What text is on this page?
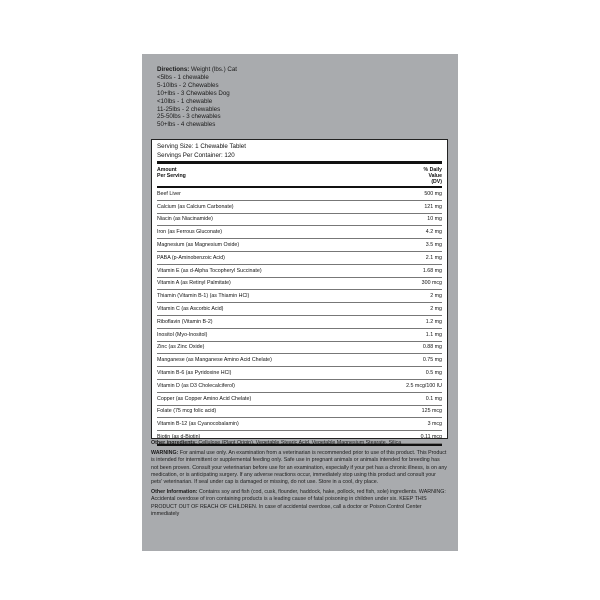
Directions: Weight (lbs.) Cat
<5lbs - 1 chewable
5-10lbs - 2 Chewables
10+lbs - 3 Chewables Dog
<10lbs - 1 chewable
11-25lbs - 2 chewables
25-50lbs - 3 chewables
50+lbs - 4 chewables
Serving Size: 1 Chewable Tablet
Servings Per Container: 120
Amount
Per Serving
% Daily
Value
(DV)
Beef Liver	500 mg
Calcium (as Calcium Carbonate)	121 mg
Niacin (as Niacinamide)	10 mg
Iron (as Ferrous Gluconate)	4.2 mg
Magnesium (as Magnesium Oxide)	3.5 mg
PABA (p-Aminobenzoic Acid)	2.1 mg
Vitamin E (as d-Alpha Tocopheryl Succinate)	1.68 mg
Vitamin A (as Retinyl Palmitate)	300 mcg
Thiamin (Vitamin B-1) (as Thiamin HCl)	2 mg
Vitamin C (as Ascorbic Acid)	2 mg
Riboflavin (Vitamin B-2)	1.2 mg
Inositol (Myo-Inositol)	1.1 mg
Zinc (as Zinc Oxide)	0.88 mg
Manganese (as Manganese Amino Acid Chelate)	0.75 mg
Vitamin B-6 (as Pyridoxine HCl)	0.5 mg
Vitamin D (as D3 Cholecalciferol)	2.5 mcg/100 IU
Copper (as Copper Amino Acid Chelate)	0.1 mg
Folate (75 mcg folic acid)	125 mcg
Vitamin B-12 (as Cyanocobalamin)	3 mcg
Biotin (as d-Biotin)	0.11 mcg

Other ingredients: Cellulose (Plant Origin), Vegetable Stearic Acid, Vegetable Magnesium Stearate, Silica

WARNING: For animal use only. An examination from a veterinarian is recommended prior to use of this product. This Product is intended for intermittent or supplemental feeding only. Safe use in pregnant animals or animals intended for breeding has not been proven. Consult your veterinarian before use for an examination, especially if your pet has a chronic illness, is on any medication, or is anticipating surgery. If any adverse reactions occur, immediately stop using this product and consult your pets' veterinarian. If seal under cap is damaged or missing, do not use. Store in a cool, dry place.

Other Information: Contains soy and fish (cod, cusk, flounder, haddock, hake, pollock, red fish, sole) ingredients. WARNING: Accidental overdose of iron containing products is a leading cause of fatal poisoning in children under six. KEEP THIS PRODUCT OUT OF REACH OF CHILDREN. In case of accidental overdose, call a doctor or Poison Control Center immediately
